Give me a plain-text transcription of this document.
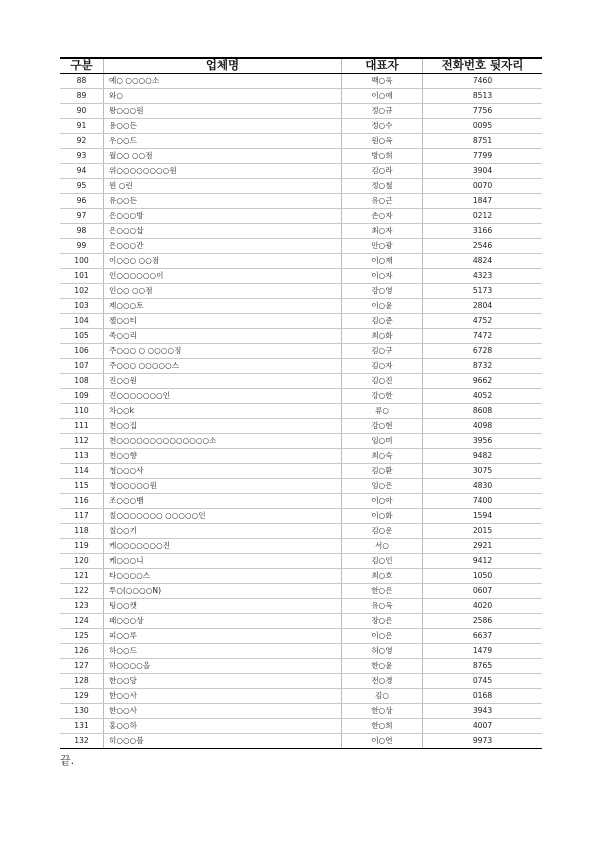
구분	업체명	대표자	전화번호 뒷자리
88	예○ ○○○○소	백○욱	7460
89	와○	이○애	8513
90	왕○○○원	정○규	7756
91	용○○든	정○수	0095
92	우○○드	원○옥	8751
93	월○○ ○○점	방○희	7799
94	위○○○○○○○○원	김○라	3904
95	윈 ○린	정○철	0070
96	유○○든	유○근	1847
97	은○○○방	손○자	0212
98	은○○○삽	최○자	3166
99	은○○○간	안○광	2546
100	이○○○ ○○점	이○재	4824
101	인○○○○○○이	이○자	4323
102	인○○ ○○점	강○영	5173
103	제○○○토	이○윤	2804
104	젤○○티	김○준	4752
105	족○○리	최○화	7472
106	주○○○ ○ ○○○○징	김○구	6728
107	주○○○ ○○○○○스	김○자	8732
108	진○○원	김○진	9662
109	진○○○○○○○인	강○한	4052
110	차○○k	류○	8608
111	천○○집	강○현	4098
112	천○○○○○○○○○○○○○○소	임○미	3956
113	천○○향	최○숙	9482
114	청○○○사	김○환	3075
115	청○○○○○원	임○은	4830
116	조○○○뱀	이○아	7400
117	칠○○○○○○○ ○○○○○인	이○화	1594
118	칠○○기	김○운	2015
119	케○○○○○○○진	서○	2921
120	케○○○니	김○인	9412
121	타○○○○스	최○호	1050
122	투○(○○○○N)	한○은	0607
123	팅○○캣	유○옥	4020
124	패○○○상	장○은	2586
125	피○○루	이○은	6637
126	하○○드	허○영	1479
127	하○○○○을	한○윤	8765
128	한○○당	전○경	0745
129	한○○사	김○	0168
130	한○○사	한○상	3943
131	홍○○하	한○희	4007
132	히○○○블	이○연	9973
끝.
